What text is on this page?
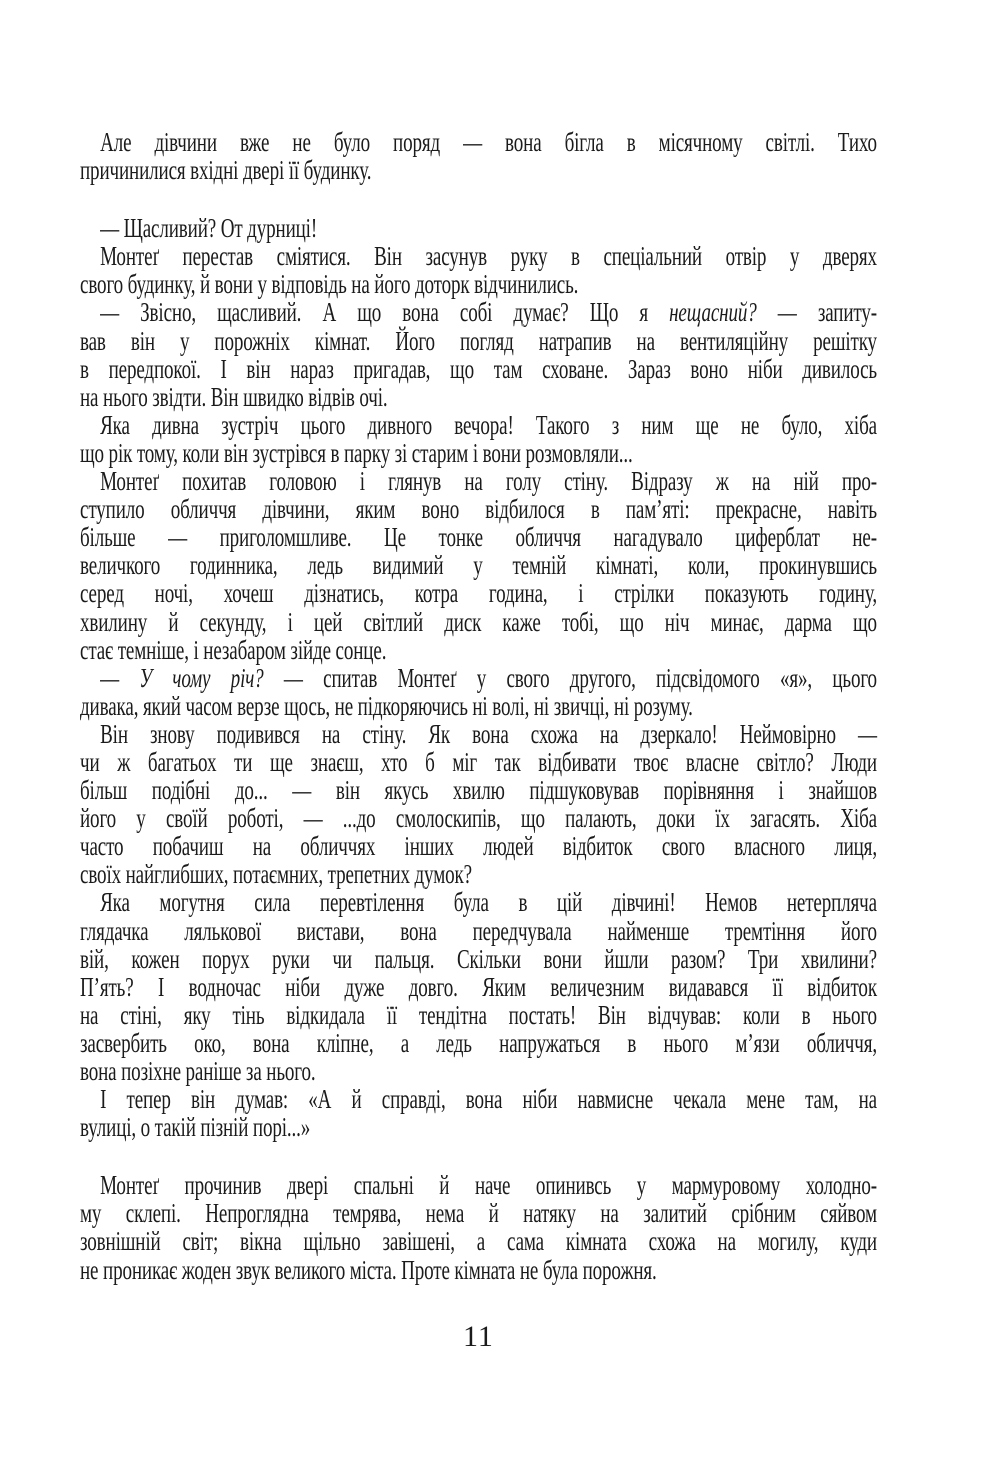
Але дівчини вже не було поряд — вона бігла в місячному світлі. Тихо
причинилися вхідні двері її будинку.
— Щасливий? От дурниці!
Монтеґ перестав сміятися. Він засунув руку в спеціальний отвір у дверях
свого будинку, й вони у відповідь на його доторк відчинились.
— Звісно, щасливий. А що вона собі думає? Що я нещасний? — запиту-
вав він у порожніх кімнат. Його погляд натрапив на вентиляційну решітку
в передпокої. І він нараз пригадав, що там сховане. Зараз воно ніби дивилось
на нього звідти. Він швидко відвів очі.
Яка дивна зустріч цього дивного вечора! Такого з ним ще не було, хіба
що рік тому, коли він зустрівся в парку зі старим і вони розмовляли...
Монтеґ похитав головою і глянув на голу стіну. Відразу ж на ній про-
ступило обличчя дівчини, яким воно відбилося в пам’яті: прекрасне, навіть
більше — приголомшливе. Це тонке обличчя нагадувало циферблат не-
величкого годинника, ледь видимий у темній кімнаті, коли, прокинувшись
серед ночі, хочеш дізнатись, котра година, і стрілки показують годину,
хвилину й секунду, і цей світлий диск каже тобі, що ніч минає, дарма що
стає темніше, і незабаром зійде сонце.
— У чому річ? — спитав Монтеґ у свого другого, підсвідомого «я», цього
дивака, який часом верзе щось, не підкоряючись ні волі, ні звичці, ні розуму.
Він знову подивився на стіну. Як вона схожа на дзеркало! Неймовірно —
чи ж багатьох ти ще знаєш, хто б міг так відбивати твоє власне світло? Люди
більш подібні до... — він якусь хвилю підшуковував порівняння і знайшов
його у своїй роботі, — ...до смолоскипів, що палають, доки їх загасять. Хіба
часто побачиш на обличчях інших людей відбиток свого власного лиця,
своїх найглибших, потаємних, трепетних думок?
Яка могутня сила перевтілення була в цій дівчині! Немов нетерпляча
глядачка лялькової вистави, вона передчувала найменше тремтіння його
вій, кожен порух руки чи пальця. Скільки вони йшли разом? Три хвилини?
П’ять? І водночас ніби дуже довго. Яким величезним видавався її відбиток
на стіні, яку тінь відкидала її тендітна постать! Він відчував: коли в нього
засвербить око, вона кліпне, а ледь напружаться в нього м’язи обличчя,
вона позіхне раніше за нього.
І тепер він думав: «А й справді, вона ніби навмисне чекала мене там, на
вулиці, о такій пізній порі...»
Монтеґ прочинив двері спальні й наче опинивсь у мармуровому холодно-
му склепі. Непроглядна темрява, нема й натяку на залитий срібним сяйвом
зовнішній світ; вікна щільно завішені, а сама кімната схожа на могилу, куди
не проникає жоден звук великого міста. Проте кімната не була порожня.
11
